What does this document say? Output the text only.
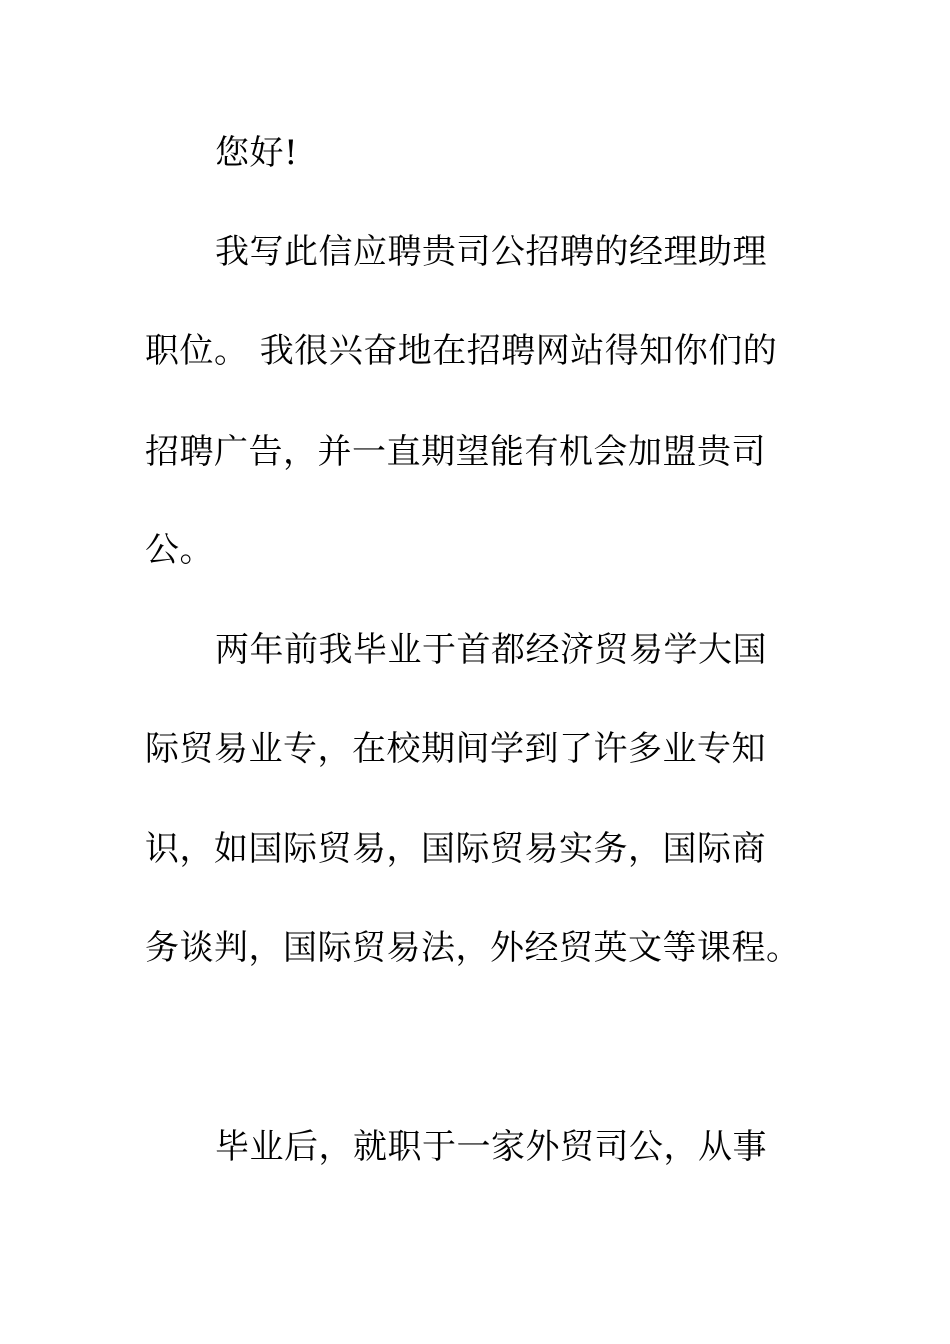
您好!
我写此信应聘贵司公招聘的经理助理
职位。 我很兴奋地在招聘网站得知你们的
招聘广告，并一直期望能有机会加盟贵司
公。
两年前我毕业于首都经济贸易学大国
际贸易业专，在校期间学到了许多业专知
识，如国际贸易，国际贸易实务，国际商
务谈判，国际贸易法，外经贸英文等课程。
毕业后，就职于一家外贸司公，从事
